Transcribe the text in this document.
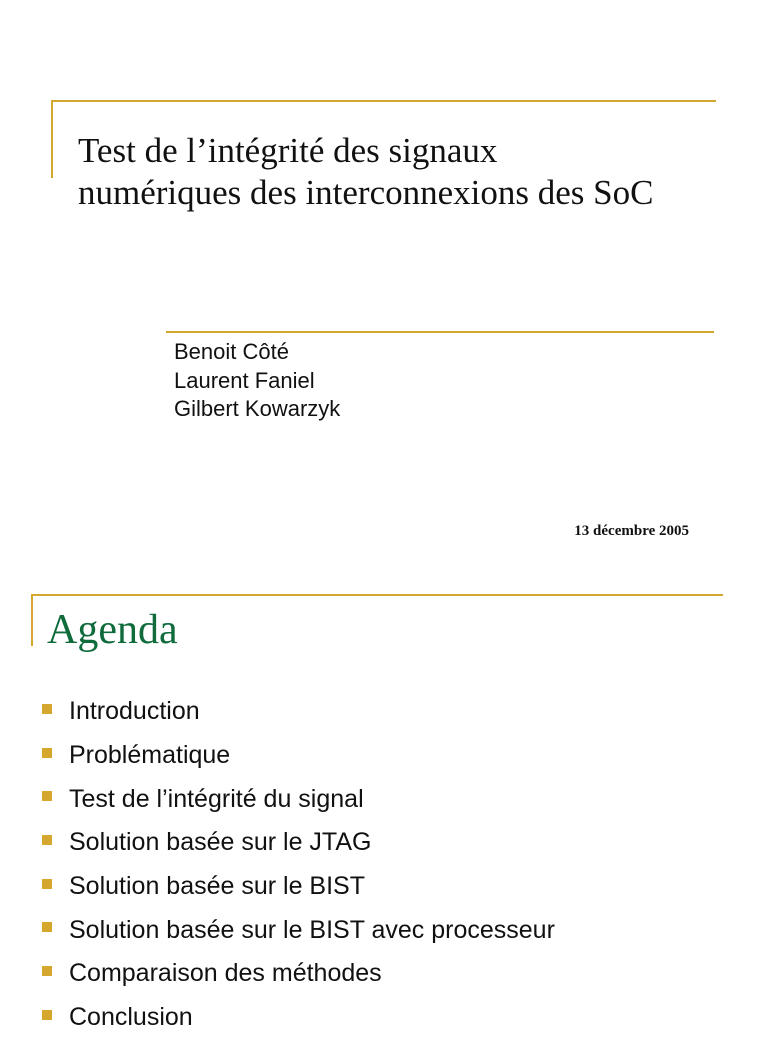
Test de l’intégrité des signaux
numériques des interconnexions des SoC
Benoit Côté
Laurent Faniel
Gilbert Kowarzyk
13 décembre 2005
Agenda
Introduction
Problématique
Test de l’intégrité du signal
Solution basée sur le JTAG
Solution basée sur le BIST
Solution basée sur le BIST avec processeur
Comparaison des méthodes
Conclusion
